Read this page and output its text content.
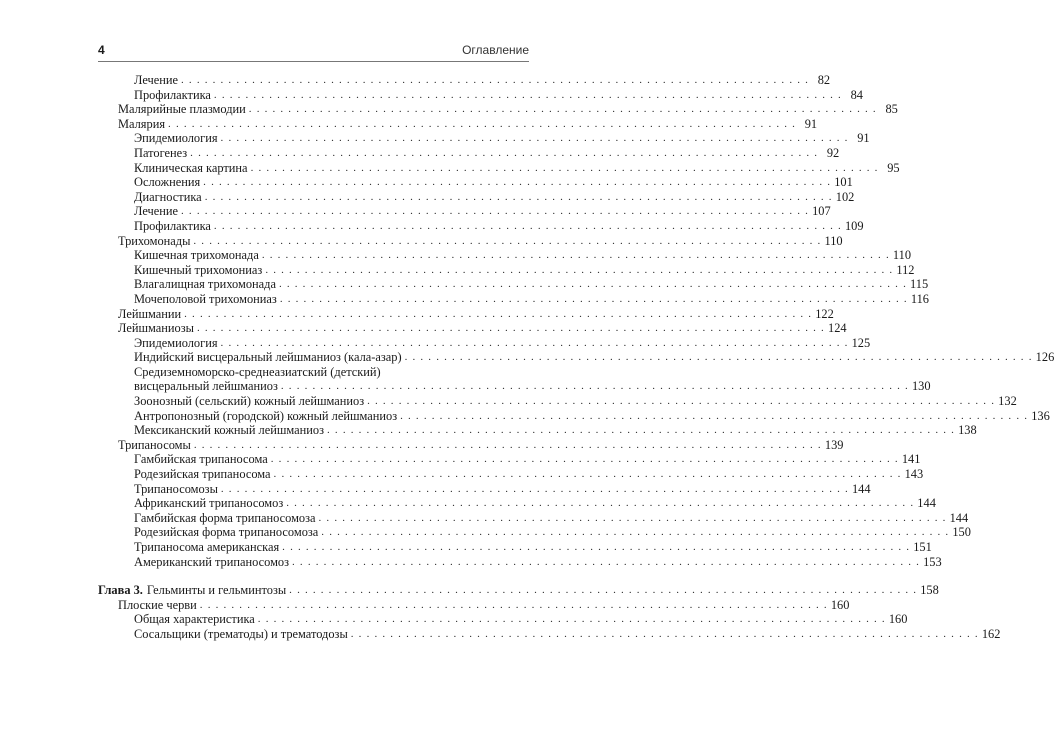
4	Оглавление
Лечение . . . . . . . . . . . . . . . . . . . . . . . . . . . . . . . . . . . . . . . . . . . . . . . . . . . . . . . . . . . . . . . . . . . . . . . . . . . . . . . . 82
Профилактика . . . . . . . . . . . . . . . . . . . . . . . . . . . . . . . . . . . . . . . . . . . . . . . . . . . . . . . . . . . . . . . . . . . . . . . . . . . . . . . . 84
Малярийные плазмодии . . . . . . . . . . . . . . . . . . . . . . . . . . . . . . . . . . . . . . . . . . . . . . . . . . . . . . . . . . . . . . . . . . . . . . . . . . . . . . . . 85
Малярия . . . . . . . . . . . . . . . . . . . . . . . . . . . . . . . . . . . . . . . . . . . . . . . . . . . . . . . . . . . . . . . . . . . . . . . . . . . . . . . . 91
Эпидемиология . . . . . . . . . . . . . . . . . . . . . . . . . . . . . . . . . . . . . . . . . . . . . . . . . . . . . . . . . . . . . . . . . . . . . . . . . . . . . . . . 91
Патогенез . . . . . . . . . . . . . . . . . . . . . . . . . . . . . . . . . . . . . . . . . . . . . . . . . . . . . . . . . . . . . . . . . . . . . . . . . . . . . . . . 92
Клиническая картина . . . . . . . . . . . . . . . . . . . . . . . . . . . . . . . . . . . . . . . . . . . . . . . . . . . . . . . . . . . . . . . . . . . . . . . . . . . . . . . . 95
Осложнения . . . . . . . . . . . . . . . . . . . . . . . . . . . . . . . . . . . . . . . . . . . . . . . . . . . . . . . . . . . . . . . . . . . . . . . . . . . . . . . . 101
Диагностика . . . . . . . . . . . . . . . . . . . . . . . . . . . . . . . . . . . . . . . . . . . . . . . . . . . . . . . . . . . . . . . . . . . . . . . . . . . . . . . . 102
Лечение . . . . . . . . . . . . . . . . . . . . . . . . . . . . . . . . . . . . . . . . . . . . . . . . . . . . . . . . . . . . . . . . . . . . . . . . . . . . . . . . 107
Профилактика . . . . . . . . . . . . . . . . . . . . . . . . . . . . . . . . . . . . . . . . . . . . . . . . . . . . . . . . . . . . . . . . . . . . . . . . . . . . . . . . 109
Трихомонады . . . . . . . . . . . . . . . . . . . . . . . . . . . . . . . . . . . . . . . . . . . . . . . . . . . . . . . . . . . . . . . . . . . . . . . . . . . . . . . . 110
Кишечная трихомонада . . . . . . . . . . . . . . . . . . . . . . . . . . . . . . . . . . . . . . . . . . . . . . . . . . . . . . . . . . . . . . . . . . . . . . . . . . . . . . . . 110
Кишечный трихомониаз . . . . . . . . . . . . . . . . . . . . . . . . . . . . . . . . . . . . . . . . . . . . . . . . . . . . . . . . . . . . . . . . . . . . . . . . . . . . . . . . 112
Влагалищная трихомонада . . . . . . . . . . . . . . . . . . . . . . . . . . . . . . . . . . . . . . . . . . . . . . . . . . . . . . . . . . . . . . . . . . . . . . . . . . . . . . . . 115
Мочеполовой трихомониаз . . . . . . . . . . . . . . . . . . . . . . . . . . . . . . . . . . . . . . . . . . . . . . . . . . . . . . . . . . . . . . . . . . . . . . . . . . . . . . . . 116
Лейшмании . . . . . . . . . . . . . . . . . . . . . . . . . . . . . . . . . . . . . . . . . . . . . . . . . . . . . . . . . . . . . . . . . . . . . . . . . . . . . . . . 122
Лейшманиозы . . . . . . . . . . . . . . . . . . . . . . . . . . . . . . . . . . . . . . . . . . . . . . . . . . . . . . . . . . . . . . . . . . . . . . . . . . . . . . . . 124
Эпидемиология . . . . . . . . . . . . . . . . . . . . . . . . . . . . . . . . . . . . . . . . . . . . . . . . . . . . . . . . . . . . . . . . . . . . . . . . . . . . . . . . 125
Индийский висцеральный лейшманиоз (кала-азар) . . . . . . . . . . . . . . . . . . . . . . . . . . . . . . . . . . . . . . . . . . . . . . . . . . . . . . . . . . . . . . . . . . . . . . . . . . . . . . . . 126
Средиземноморско-среднеазиатский (детский)
висцеральный лейшманиоз . . . . . . . . . . . . . . . . . . . . . . . . . . . . . . . . . . . . . . . . . . . . . . . . . . . . . . . . . . . . . . . . . . . . . . . . . . . . . . . . 130
Зоонозный (сельский) кожный лейшманиоз . . . . . . . . . . . . . . . . . . . . . . . . . . . . . . . . . . . . . . . . . . . . . . . . . . . . . . . . . . . . . . . . . . . . . . . . . . . . . . . . 132
Антропонозный (городской) кожный лейшманиоз . . . . . . . . . . . . . . . . . . . . . . . . . . . . . . . . . . . . . . . . . . . . . . . . . . . . . . . . . . . . . . . . . . . . . . . . . . . . . . . . 136
Мексиканский кожный лейшманиоз . . . . . . . . . . . . . . . . . . . . . . . . . . . . . . . . . . . . . . . . . . . . . . . . . . . . . . . . . . . . . . . . . . . . . . . . . . . . . . . . 138
Трипаносомы . . . . . . . . . . . . . . . . . . . . . . . . . . . . . . . . . . . . . . . . . . . . . . . . . . . . . . . . . . . . . . . . . . . . . . . . . . . . . . . . 139
Гамбийская трипаносома . . . . . . . . . . . . . . . . . . . . . . . . . . . . . . . . . . . . . . . . . . . . . . . . . . . . . . . . . . . . . . . . . . . . . . . . . . . . . . . . 141
Родезийская трипаносома . . . . . . . . . . . . . . . . . . . . . . . . . . . . . . . . . . . . . . . . . . . . . . . . . . . . . . . . . . . . . . . . . . . . . . . . . . . . . . . . 143
Трипаносомозы . . . . . . . . . . . . . . . . . . . . . . . . . . . . . . . . . . . . . . . . . . . . . . . . . . . . . . . . . . . . . . . . . . . . . . . . . . . . . . . . 144
Африканский трипаносомоз . . . . . . . . . . . . . . . . . . . . . . . . . . . . . . . . . . . . . . . . . . . . . . . . . . . . . . . . . . . . . . . . . . . . . . . . . . . . . . . . 144
Гамбийская форма трипаносомоза . . . . . . . . . . . . . . . . . . . . . . . . . . . . . . . . . . . . . . . . . . . . . . . . . . . . . . . . . . . . . . . . . . . . . . . . . . . . . . . . 144
Родезийская форма трипаносомоза . . . . . . . . . . . . . . . . . . . . . . . . . . . . . . . . . . . . . . . . . . . . . . . . . . . . . . . . . . . . . . . . . . . . . . . . . . . . . . . . 150
Трипаносома американская . . . . . . . . . . . . . . . . . . . . . . . . . . . . . . . . . . . . . . . . . . . . . . . . . . . . . . . . . . . . . . . . . . . . . . . . . . . . . . . . 151
Американский трипаносомоз . . . . . . . . . . . . . . . . . . . . . . . . . . . . . . . . . . . . . . . . . . . . . . . . . . . . . . . . . . . . . . . . . . . . . . . . . . . . . . . . 153
Глава 3. Гельминты и гельминтозы . . . . . . . . . . . . . . . . . . . . . . . . . . . . . . . . . . . . . . . . . . . . . . . . . . . . . . . . . . . . . . . . . . . . . . . . . . . . . . . . 158
Плоские черви . . . . . . . . . . . . . . . . . . . . . . . . . . . . . . . . . . . . . . . . . . . . . . . . . . . . . . . . . . . . . . . . . . . . . . . . . . . . . . . . 160
Общая характеристика . . . . . . . . . . . . . . . . . . . . . . . . . . . . . . . . . . . . . . . . . . . . . . . . . . . . . . . . . . . . . . . . . . . . . . . . . . . . . . . . 160
Сосальщики (трематоды) и трематодозы . . . . . . . . . . . . . . . . . . . . . . . . . . . . . . . . . . . . . . . . . . . . . . . . . . . . . . . . . . . . . . . . . . . . . . . . . . . . . . . . 162
